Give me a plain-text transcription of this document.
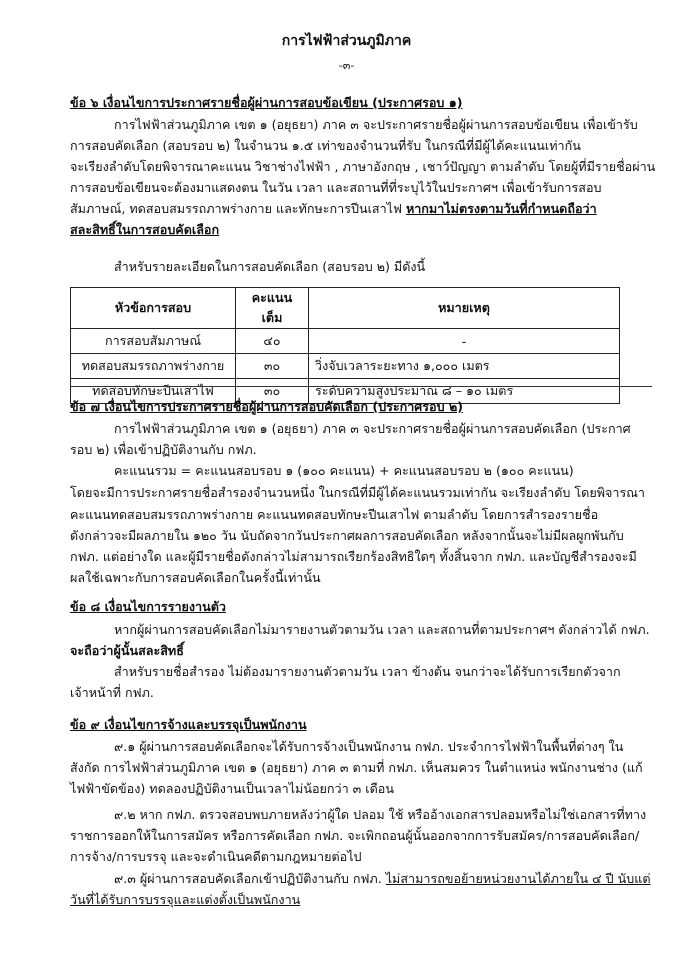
การไฟฟ้าส่วนภูมิภาค
-๓-
ข้อ ๖ เงื่อนไขการประกาศรายชื่อผู้ผ่านการสอบข้อเขียน (ประกาศรอบ ๑)
การไฟฟ้าส่วนภูมิภาค เขต ๑ (อยุธยา) ภาค ๓ จะประกาศรายชื่อผู้ผ่านการสอบข้อเขียน เพื่อเข้ารับ
การสอบคัดเลือก (สอบรอบ ๒) ในจำนวน ๑.๕ เท่าของจำนวนที่รับ ในกรณีที่มีผู้ได้คะแนนเท่ากัน
จะเรียงลำดับโดยพิจารณาคะแนน วิชาช่างไฟฟ้า , ภาษาอังกฤษ , เชาว์ปัญญา ตามลำดับ โดยผู้ที่มีรายชื่อผ่าน
การสอบข้อเขียนจะต้องมาแสดงตน ในวัน เวลา และสถานที่ที่ระบุไว้ในประกาศฯ เพื่อเข้ารับการสอบ
สัมภาษณ์, ทดสอบสมรรถภาพร่างกาย และทักษะการปีนเสาไฟ หากมาไม่ตรงตามวันที่กำหนดถือว่า
สละสิทธิ์ในการสอบคัดเลือก
สำหรับรายละเอียดในการสอบคัดเลือก (สอบรอบ ๒) มีดังนี้
หัวข้อการสอบ	คะแนนเต็ม	หมายเหตุ
การสอบสัมภาษณ์	๔๐	-
ทดสอบสมรรถภาพร่างกาย	๓๐	วิ่งจับเวลาระยะทาง ๑,๐๐๐ เมตร
ทดสอบทักษะปีนเสาไฟ	๓๐	ระดับความสูงประมาณ ๘ – ๑๐ เมตร
ข้อ ๗ เงื่อนไขการประกาศรายชื่อผู้ผ่านการสอบคัดเลือก (ประกาศรอบ ๒)
การไฟฟ้าส่วนภูมิภาค เขต ๑ (อยุธยา) ภาค ๓ จะประกาศรายชื่อผู้ผ่านการสอบคัดเลือก (ประกาศ
รอบ ๒) เพื่อเข้าปฏิบัติงานกับ กฟภ.
คะแนนรวม = คะแนนสอบรอบ ๑ (๑๐๐ คะแนน) + คะแนนสอบรอบ ๒ (๑๐๐ คะแนน)
โดยจะมีการประกาศรายชื่อสำรองจำนวนหนึ่ง ในกรณีที่มีผู้ได้คะแนนรวมเท่ากัน จะเรียงลำดับ โดยพิจารณา
คะแนนทดสอบสมรรถภาพร่างกาย คะแนนทดสอบทักษะปีนเสาไฟ ตามลำดับ โดยการสำรองรายชื่อ
ดังกล่าวจะมีผลภายใน ๑๒๐ วัน นับถัดจากวันประกาศผลการสอบคัดเลือก หลังจากนั้นจะไม่มีผลผูกพันกับ
กฟภ. แต่อย่างใด และผู้มีรายชื่อดังกล่าวไม่สามารถเรียกร้องสิทธิใดๆ ทั้งสิ้นจาก กฟภ. และบัญชีสำรองจะมี
ผลใช้เฉพาะกับการสอบคัดเลือกในครั้งนี้เท่านั้น
ข้อ ๘ เงื่อนไขการรายงานตัว
หากผู้ผ่านการสอบคัดเลือกไม่มารายงานตัวตามวัน เวลา และสถานที่ตามประกาศฯ ดังกล่าวได้ กฟภ.
จะถือว่าผู้นั้นสละสิทธิ์
สำหรับรายชื่อสำรอง ไม่ต้องมารายงานตัวตามวัน เวลา ข้างต้น จนกว่าจะได้รับการเรียกตัวจาก
เจ้าหน้าที่ กฟภ.
ข้อ ๙ เงื่อนไขการจ้างและบรรจุเป็นพนักงาน
๙.๑ ผู้ผ่านการสอบคัดเลือกจะได้รับการจ้างเป็นพนักงาน กฟภ. ประจำการไฟฟ้าในพื้นที่ต่างๆ ใน
สังกัด การไฟฟ้าส่วนภูมิภาค เขต ๑ (อยุธยา) ภาค ๓ ตามที่ กฟภ. เห็นสมควร ในตำแหน่ง พนักงานช่าง (แก้
ไฟฟ้าขัดข้อง) ทดลองปฏิบัติงานเป็นเวลาไม่น้อยกว่า ๓ เดือน
๙.๒ หาก กฟภ. ตรวจสอบพบภายหลังว่าผู้ใด ปลอม ใช้ หรืออ้างเอกสารปลอมหรือไม่ใช่เอกสารที่ทาง
ราชการออกให้ในการสมัคร หรือการคัดเลือก กฟภ. จะเพิกถอนผู้นั้นออกจากการรับสมัคร/การสอบคัดเลือก/
การจ้าง/การบรรจุ และจะดำเนินคดีตามกฎหมายต่อไป
๙.๓ ผู้ผ่านการสอบคัดเลือกเข้าปฏิบัติงานกับ กฟภ. ไม่สามารถขอย้ายหน่วยงานได้ภายใน ๔ ปี นับแต่
วันที่ได้รับการบรรจุและแต่งตั้งเป็นพนักงาน
